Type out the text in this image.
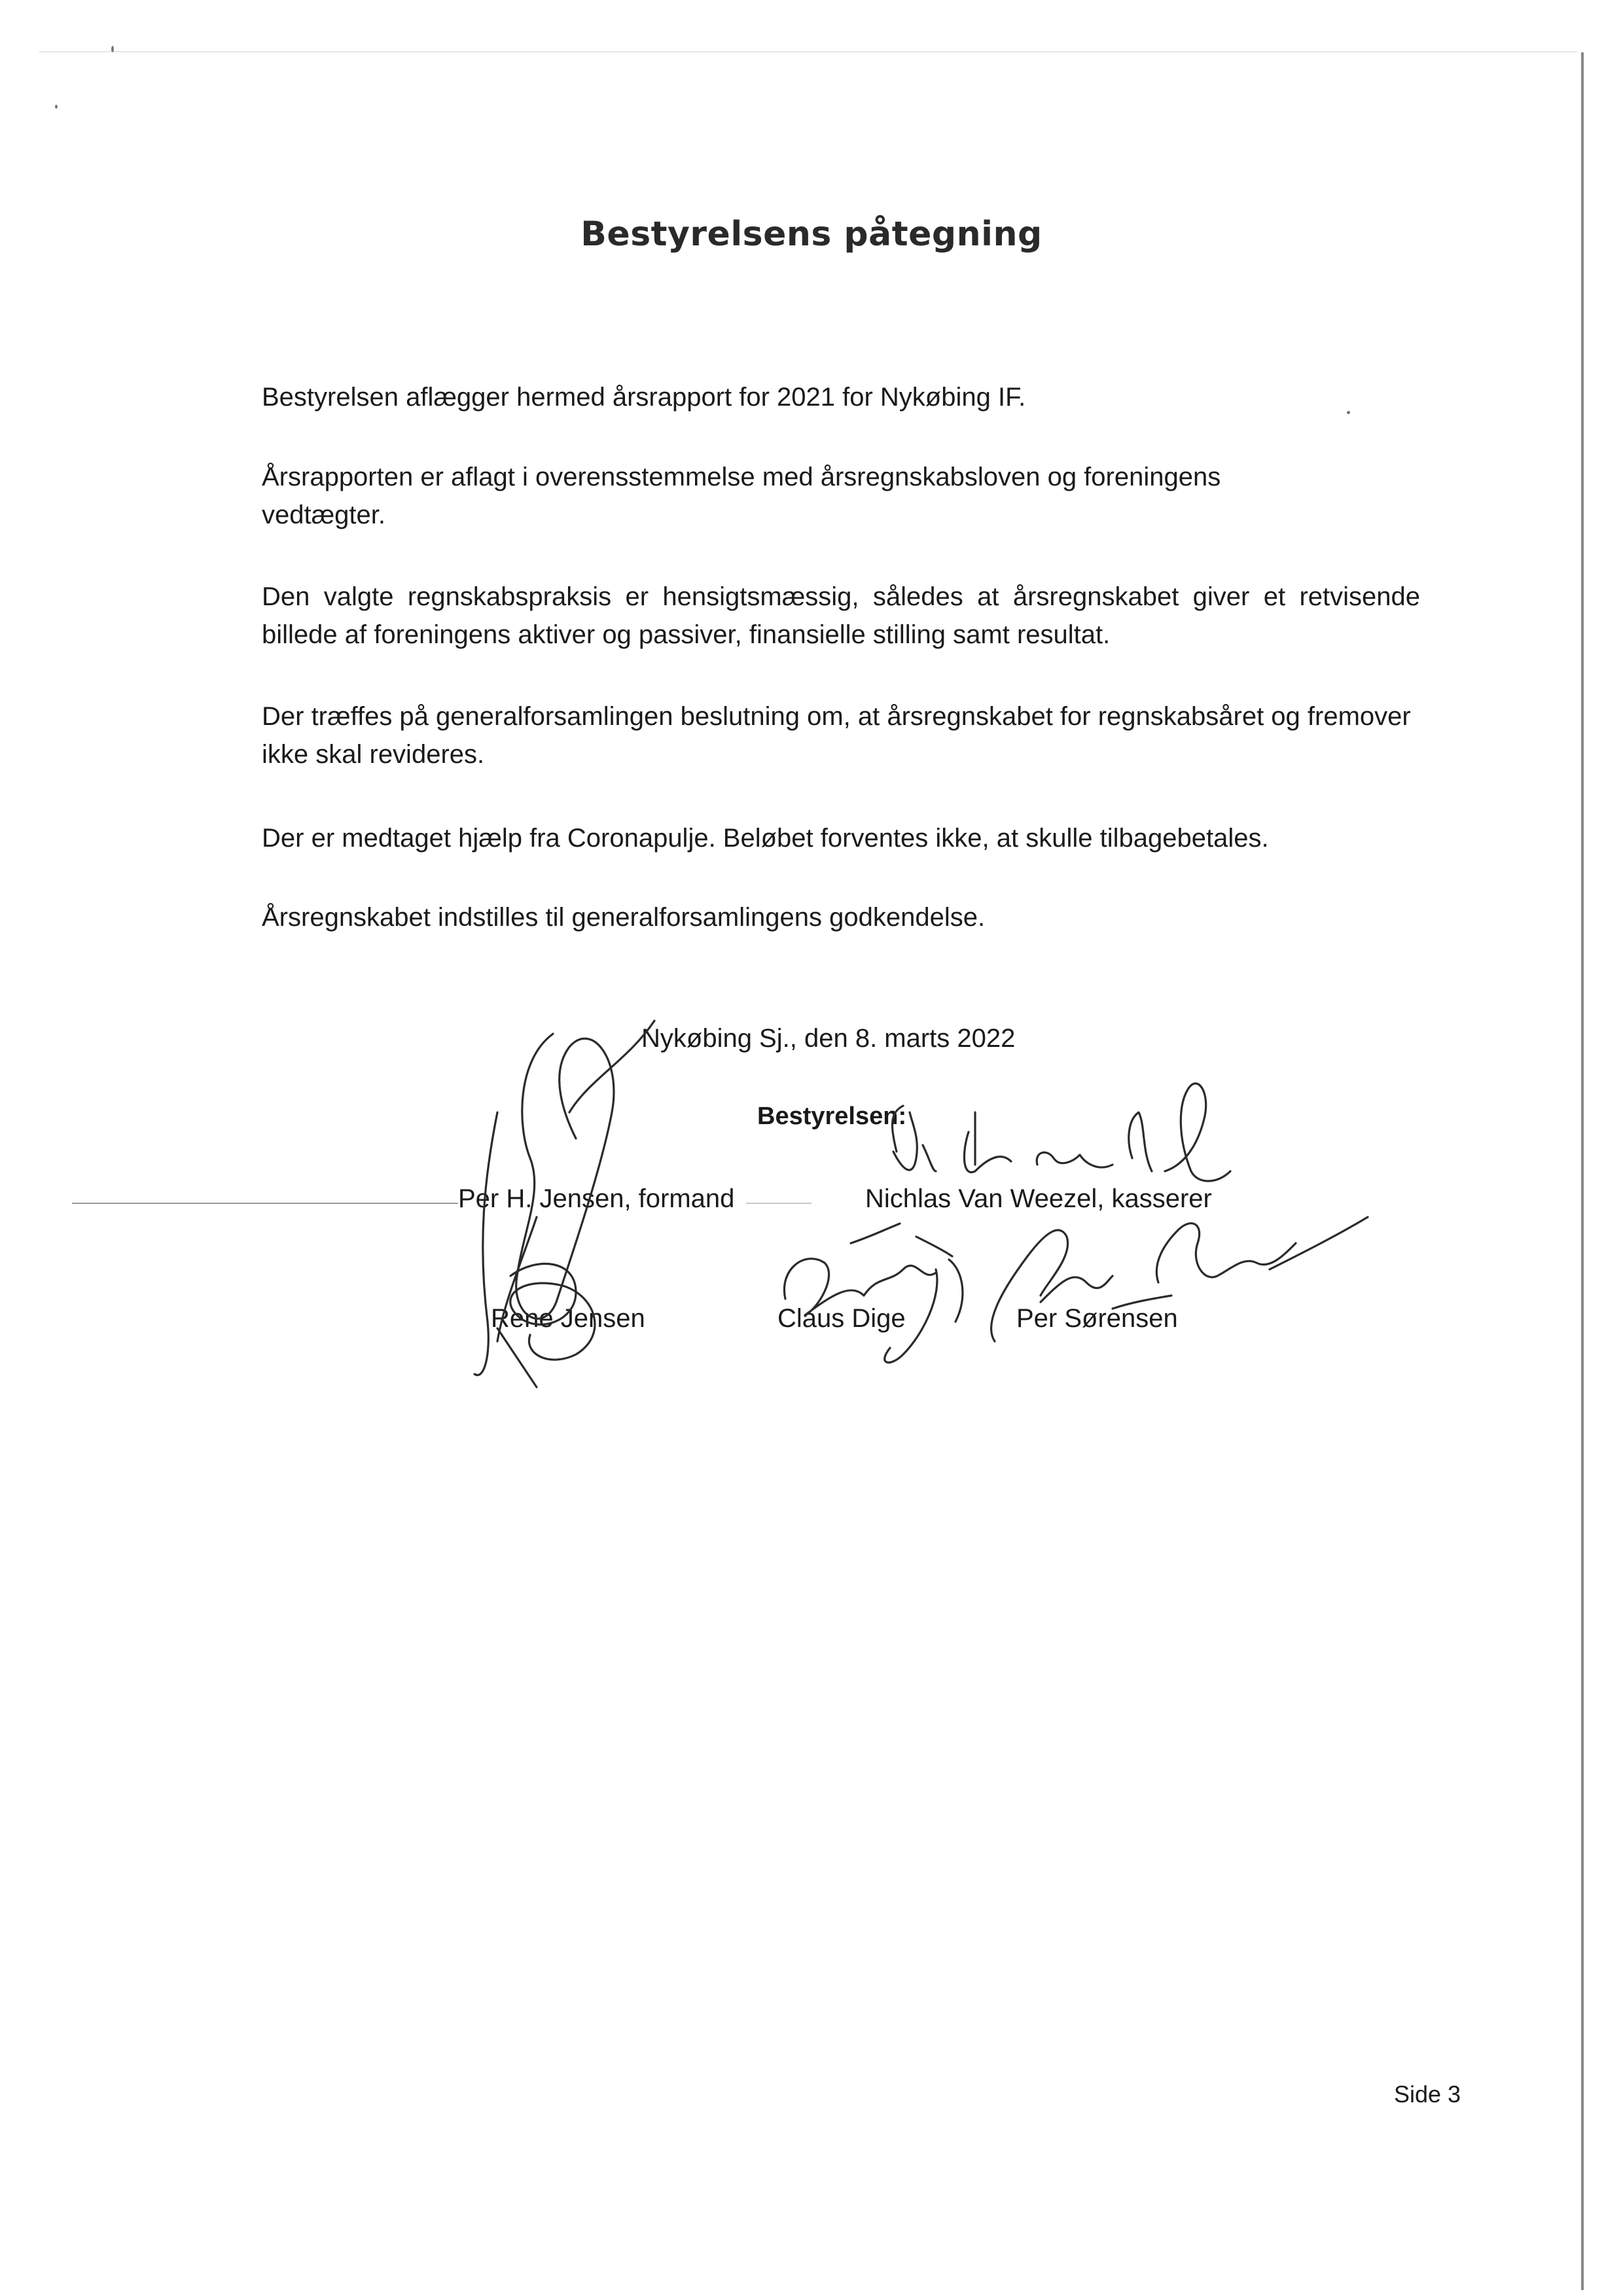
Bestyrelsens påtegning

Bestyrelsen aflægger hermed årsrapport for 2021 for Nykøbing IF.

Årsrapporten er aflagt i overensstemmelse med årsregnskabsloven og foreningens vedtægter.

Den valgte regnskabspraksis er hensigtsmæssig, således at årsregnskabet giver et retvisende billede af foreningens aktiver og passiver, finansielle stilling samt resultat.

Der træffes på generalforsamlingen beslutning om, at årsregnskabet for regnskabsåret og fremover ikke skal revideres.

Der er medtaget hjælp fra Coronapulje. Beløbet forventes ikke, at skulle tilbagebetales.

Årsregnskabet indstilles til generalforsamlingens godkendelse.

Nykøbing Sj., den 8. marts 2022
Bestyrelsen:
Per H. Jensen, formand	Nichlas Van Weezel, kasserer
Rene Jensen	Claus Dige	Per Sørensen
Side 3
